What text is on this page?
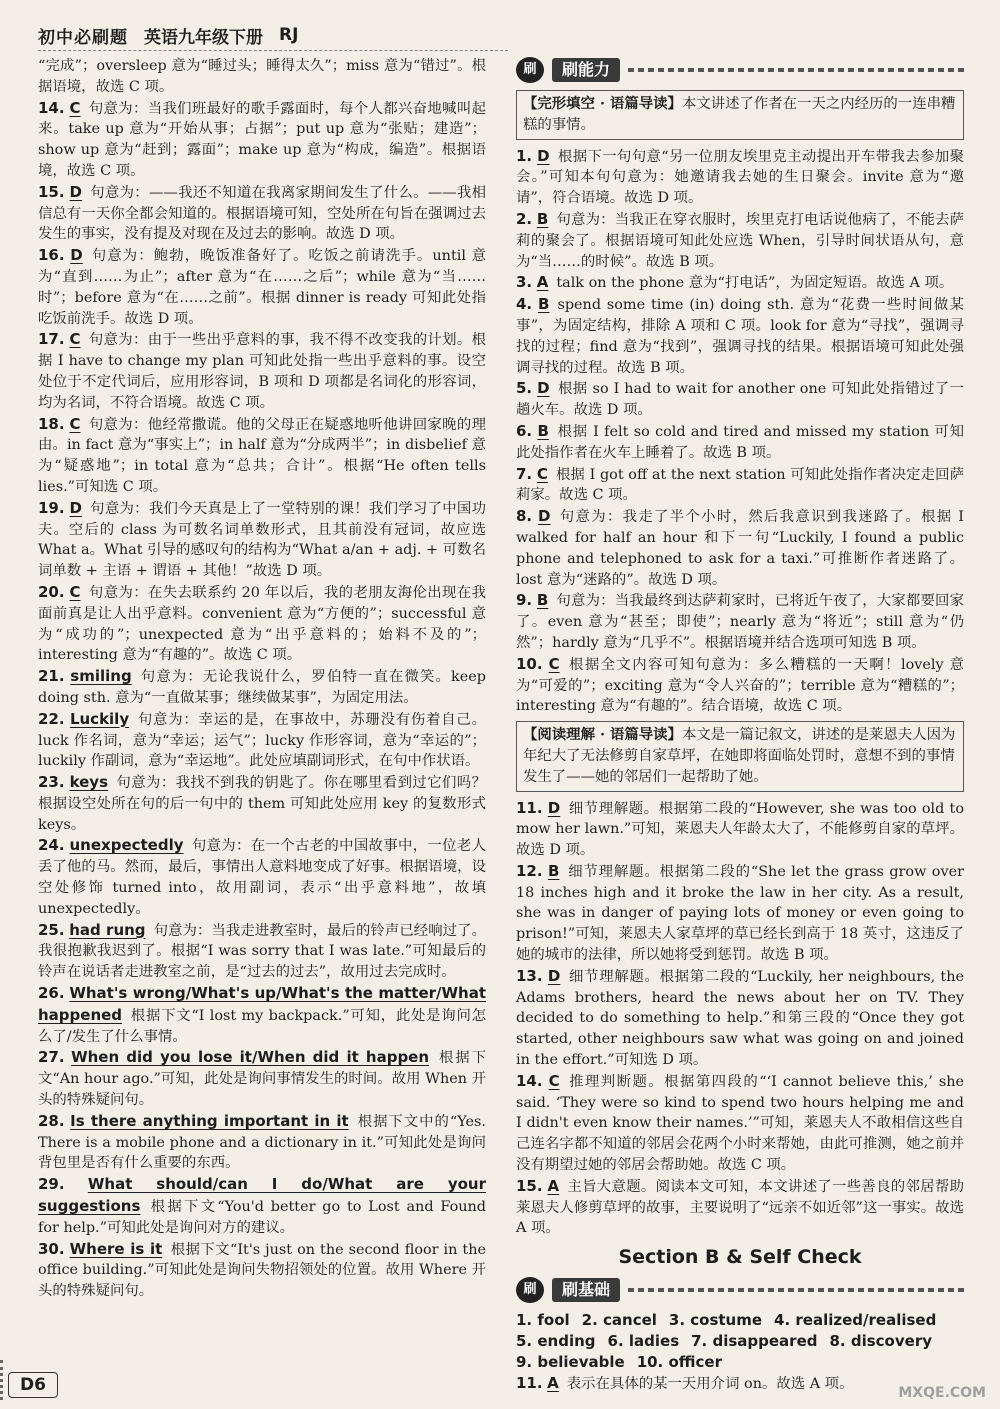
初中必刷题 英语九年级下册 RJ
“完成”；oversleep 意为“睡过头；睡得太久”；miss 意为“错过”。根据语境，故选 C 项。
14. C 句意为：当我们班最好的歌手露面时，每个人都兴奋地喊叫起来。take up 意为“开始从事；占据”；put up 意为“张贴；建造”；show up 意为“赶到；露面”；make up 意为“构成，编造”。根据语境，故选 C 项。
15. D 句意为：——我还不知道在我离家期间发生了什么。——我相信总有一天你全都会知道的。根据语境可知，空处所在句旨在强调过去发生的事实，没有提及对现在及过去的影响。故选 D 项。
16. D 句意为：鲍勃，晚饭准备好了。吃饭之前请洗手。until 意为“直到……为止”；after 意为“在……之后”；while 意为“当……时”；before 意为“在……之前”。根据 dinner is ready 可知此处指吃饭前洗手。故选 D 项。
17. C 句意为：由于一些出乎意料的事，我不得不改变我的计划。根据 I have to change my plan 可知此处指一些出乎意料的事。设空处位于不定代词后，应用形容词，B 项和 D 项都是名词化的形容词，均为名词，不符合语境。故选 C 项。
18. C 句意为：他经常撒谎。他的父母正在疑惑地听他讲回家晚的理由。in fact 意为“事实上”；in half 意为“分成两半”；in disbelief 意为“疑惑地”；in total 意为“总共；合计”。根据“He often tells lies.”可知选 C 项。
19. D 句意为：我们今天真是上了一堂特别的课！我们学习了中国功夫。空后的 class 为可数名词单数形式，且其前没有冠词，故应选 What a。What 引导的感叹句的结构为“What a/an + adj. + 可数名词单数 + 主语 + 谓语 + 其他！”故选 D 项。
20. C 句意为：在失去联系约 20 年以后，我的老朋友海伦出现在我面前真是让人出乎意料。convenient 意为“方便的”；successful 意为“成功的”；unexpected 意为“出乎意料的；始料不及的”；interesting 意为“有趣的”。故选 C 项。
21. smiling 句意为：无论我说什么，罗伯特一直在微笑。keep doing sth. 意为“一直做某事；继续做某事”，为固定用法。
22. Luckily 句意为：幸运的是，在事故中，苏珊没有伤着自己。luck 作名词，意为“幸运；运气”；lucky 作形容词，意为“幸运的”；luckily 作副词，意为“幸运地”。此处应填副词形式，在句中作状语。
23. keys 句意为：我找不到我的钥匙了。你在哪里看到过它们吗？根据设空处所在句的后一句中的 them 可知此处应用 key 的复数形式 keys。
24. unexpectedly 句意为：在一个古老的中国故事中，一位老人丢了他的马。然而，最后，事情出人意料地变成了好事。根据语境，设空处修饰 turned into，故用副词，表示“出乎意料地”，故填 unexpectedly。
25. had rung 句意为：当我走进教室时，最后的铃声已经响过了。我很抱歉我迟到了。根据“I was sorry that I was late.”可知最后的铃声在说话者走进教室之前，是“过去的过去”，故用过去完成时。
26. What's wrong/What's up/What's the matter/What happened 根据下文“I lost my backpack.”可知，此处是询问怎么了/发生了什么事情。
27. When did you lose it/When did it happen 根据下文“An hour ago.”可知，此处是询问事情发生的时间。故用 When 开头的特殊疑问句。
28. Is there anything important in it 根据下文中的“Yes. There is a mobile phone and a dictionary in it.”可知此处是询问背包里是否有什么重要的东西。
29. What should/can I do/What are your suggestions 根据下文“You'd better go to Lost and Found for help.”可知此处是询问对方的建议。
30. Where is it 根据下文“It's just on the second floor in the office building.”可知此处是询问失物招领处的位置。故用 Where 开头的特殊疑问句。
刷	刷能力
【完形填空 · 语篇导读】本文讲述了作者在一天之内经历的一连串糟糕的事情。
1. D 根据下一句句意“另一位朋友埃里克主动提出开车带我去参加聚会。”可知本句句意为：她邀请我去她的生日聚会。invite 意为“邀请”，符合语境。故选 D 项。
2. B 句意为：当我正在穿衣服时，埃里克打电话说他病了，不能去萨莉的聚会了。根据语境可知此处应选 When，引导时间状语从句，意为“当……的时候”。故选 B 项。
3. A talk on the phone 意为“打电话”，为固定短语。故选 A 项。
4. B spend some time (in) doing sth. 意为“花费一些时间做某事”，为固定结构，排除 A 项和 C 项。look for 意为“寻找”，强调寻找的过程；find 意为“找到”，强调寻找的结果。根据语境可知此处强调寻找的过程。故选 B 项。
5. D 根据 so I had to wait for another one 可知此处指错过了一趟火车。故选 D 项。
6. B 根据 I felt so cold and tired and missed my station 可知此处指作者在火车上睡着了。故选 B 项。
7. C 根据 I got off at the next station 可知此处指作者决定走回萨莉家。故选 C 项。
8. D 句意为：我走了半个小时，然后我意识到我迷路了。根据 I walked for half an hour 和下一句“Luckily, I found a public phone and telephoned to ask for a taxi.”可推断作者迷路了。lost 意为“迷路的”。故选 D 项。
9. B 句意为：当我最终到达萨莉家时，已将近午夜了，大家都要回家了。even 意为“甚至；即使”；nearly 意为“将近”；still 意为“仍然”；hardly 意为“几乎不”。根据语境并结合选项可知选 B 项。
10. C 根据全文内容可知句意为：多么糟糕的一天啊！lovely 意为“可爱的”；exciting 意为“令人兴奋的”；terrible 意为“糟糕的”；interesting 意为“有趣的”。结合语境，故选 C 项。
【阅读理解 · 语篇导读】本文是一篇记叙文，讲述的是莱恩夫人因为年纪大了无法修剪自家草坪，在她即将面临处罚时，意想不到的事情发生了——她的邻居们一起帮助了她。
11. D 细节理解题。根据第二段的“However, she was too old to mow her lawn.”可知，莱恩夫人年龄太大了，不能修剪自家的草坪。故选 D 项。
12. B 细节理解题。根据第二段的“She let the grass grow over 18 inches high and it broke the law in her city. As a result, she was in danger of paying lots of money or even going to prison!”可知，莱恩夫人家草坪的草已经长到高于 18 英寸，这违反了她的城市的法律，所以她将受到惩罚。故选 B 项。
13. D 细节理解题。根据第二段的“Luckily, her neighbours, the Adams brothers, heard the news about her on TV. They decided to do something to help.”和第三段的“Once they got started, other neighbours saw what was going on and joined in the effort.”可知选 D 项。
14. C 推理判断题。根据第四段的“‘I cannot believe this,’ she said. ‘They were so kind to spend two hours helping me and I didn't even know their names.’”可知，莱恩夫人不敢相信这些自己连名字都不知道的邻居会花两个小时来帮她，由此可推测，她之前并没有期望过她的邻居会帮助她。故选 C 项。
15. A 主旨大意题。阅读本文可知，本文讲述了一些善良的邻居帮助莱恩夫人修剪草坪的故事，主要说明了“远亲不如近邻”这一事实。故选 A 项。
Section B & Self Check
刷	刷基础
1. fool 2. cancel 3. costume 4. realized/realised
5. ending 6. ladies 7. disappeared 8. discovery
9. believable 10. officer
11. A 表示在具体的某一天用介词 on。故选 A 项。
D6	MXQE.COM
